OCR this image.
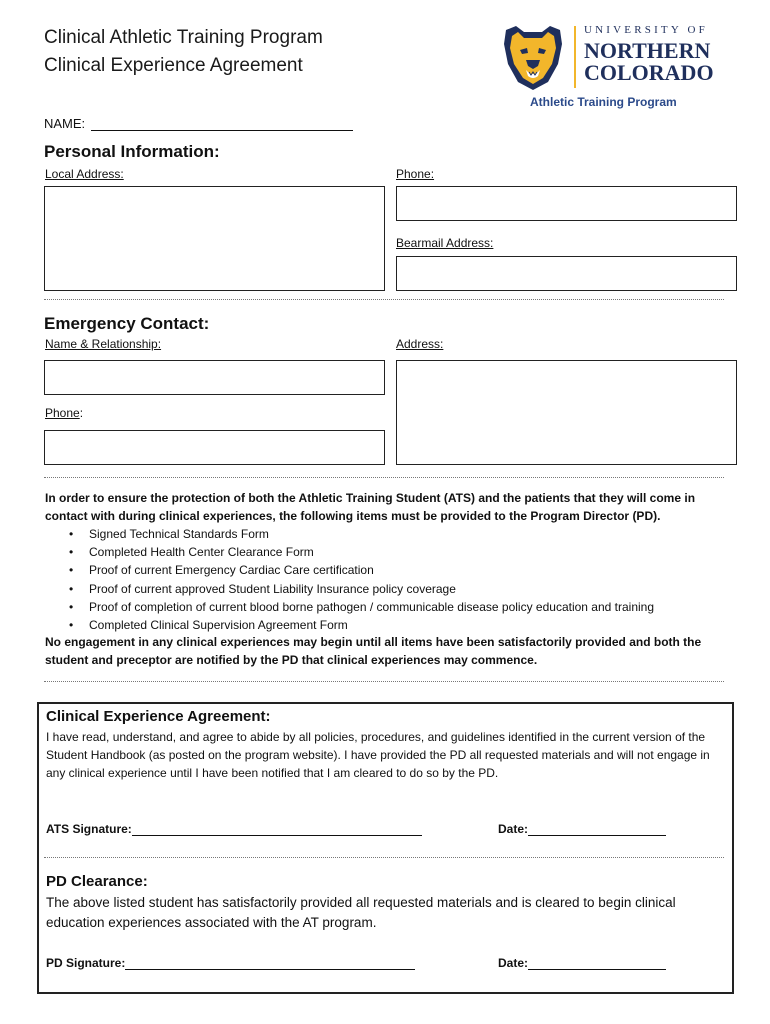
Clinical Athletic Training Program
Clinical Experience Agreement
UNIVERSITY OF
NORTHERN
COLORADO
Athletic Training Program
NAME:
Personal Information:
Local Address:	Phone:
Bearmail Address:
Emergency Contact:
Name & Relationship:	Address:
Phone:
In order to ensure the protection of both the Athletic Training Student (ATS) and the patients that they will come in contact with during clinical experiences, the following items must be provided to the Program Director (PD).
• Signed Technical Standards Form
• Completed Health Center Clearance Form
• Proof of current Emergency Cardiac Care certification
• Proof of current approved Student Liability Insurance policy coverage
• Proof of completion of current blood borne pathogen / communicable disease policy education and training
• Completed Clinical Supervision Agreement Form
No engagement in any clinical experiences may begin until all items have been satisfactorily provided and both the student and preceptor are notified by the PD that clinical experiences may commence.
Clinical Experience Agreement:
I have read, understand, and agree to abide by all policies, procedures, and guidelines identified in the current version of the Student Handbook (as posted on the program website). I have provided the PD all requested materials and will not engage in any clinical experience until I have been notified that I am cleared to do so by the PD.
ATS Signature:	Date:
PD Clearance:
The above listed student has satisfactorily provided all requested materials and is cleared to begin clinical education experiences associated with the AT program.
PD Signature:	Date:
